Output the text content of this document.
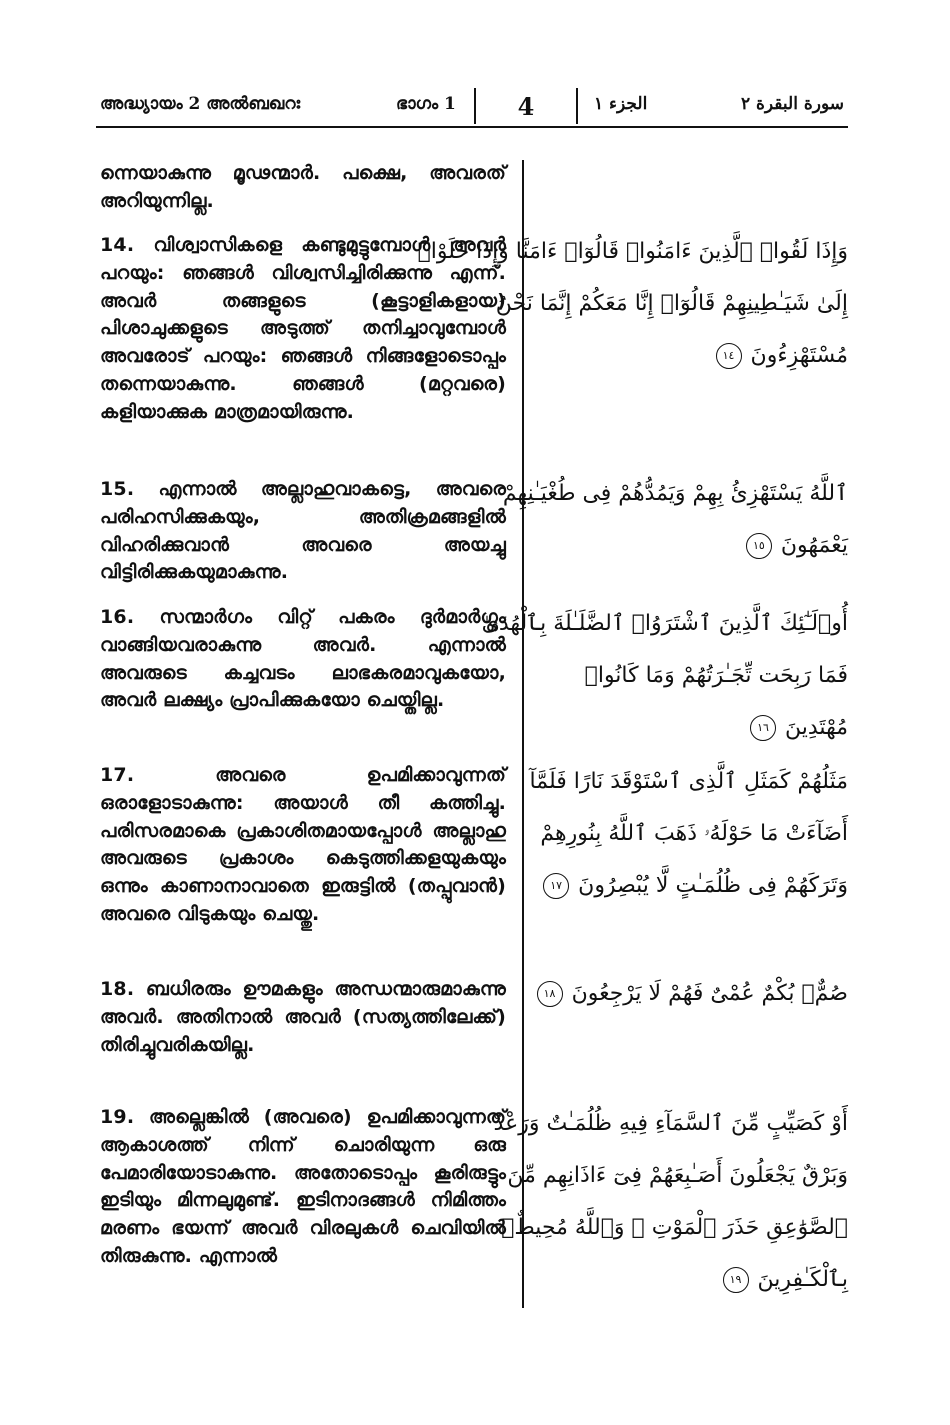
അദ്ധ്യായം 2 അൽബഖറഃ	ഭാഗം 1	4	الجزء ١	سورة البقرة ٢

ന്നെയാകുന്നു മൂഢന്മാർ. പക്ഷെ, അവരത് അറിയുന്നില്ല.

14. വിശ്വാസികളെ കണ്ടുമുട്ടുമ്പോൾ അവർ പറയും: ഞങ്ങൾ വിശ്വസിച്ചിരിക്കുന്നു എന്ന്. അവർ തങ്ങളുടെ (കൂട്ടാളികളായ) പിശാചുക്കളുടെ അടുത്ത് തനിച്ചാവുമ്പോൾ അവരോട് പറയും: ഞങ്ങൾ നിങ്ങളോടൊപ്പം തന്നെയാകുന്നു. ഞങ്ങൾ (മറ്റവരെ) കളിയാക്കുക മാത്രമായിരുന്നു.

15. എന്നാൽ അല്ലാഹുവാകട്ടെ, അവരെ പരിഹസിക്കുകയും, അതിക്രമങ്ങളിൽ വിഹരിക്കുവാൻ അവരെ അയച്ചു വിട്ടിരിക്കുകയുമാകുന്നു.

16. സന്മാർഗം വിറ്റ് പകരം ദുർമാർഗ്ഗം വാങ്ങിയവരാകുന്നു അവർ. എന്നാൽ അവരുടെ കച്ചവടം ലാഭകരമാവുകയോ, അവർ ലക്ഷ്യം പ്രാപിക്കുകയോ ചെയ്തില്ല.

17. അവരെ ഉപമിക്കാവുന്നത് ഒരാളോടാകുന്നു: അയാൾ തീ കത്തിച്ചു. പരിസരമാകെ പ്രകാശിതമായപ്പോൾ അല്ലാഹു അവരുടെ പ്രകാശം കെടുത്തിക്കളയുകയും ഒന്നും കാണാനാവാതെ ഇരുട്ടിൽ (തപ്പുവാൻ) അവരെ വിടുകയും ചെയ്തു.

18. ബധിരരും ഊമകളും അന്ധന്മാരുമാകുന്നു അവർ. അതിനാൽ അവർ (സത്യത്തിലേക്ക്) തിരിച്ചുവരികയില്ല.

19. അല്ലെങ്കിൽ (അവരെ) ഉപമിക്കാവുന്നത് ആകാശത്ത് നിന്ന് ചൊരിയുന്ന ഒരു പേമാരിയോടാകുന്നു. അതോടൊപ്പം കൂരിരുട്ടും ഇടിയും മിന്നലുമുണ്ട്. ഇടിനാദങ്ങൾ നിമിത്തം മരണം ഭയന്ന് അവർ വിരലുകൾ ചെവിയിൽ തിരുകുന്നു. എന്നാൽ

وَإِذَا لَقُوا۟ ٱلَّذِينَ ءَامَنُوا۟ قَالُوٓا۟ ءَامَنَّا وَإِذَا خَلَوْا۟
إِلَىٰ شَيَـٰطِينِهِمْ قَالُوٓا۟ إِنَّا مَعَكُمْ إِنَّمَا نَحْنُ
مُسْتَهْزِءُونَ ١٤
ٱللَّهُ يَسْتَهْزِئُ بِهِمْ وَيَمُدُّهُمْ فِى طُغْيَـٰنِهِمْ
يَعْمَهُونَ ١٥
أُو۟لَـٰٓئِكَ ٱلَّذِينَ ٱشْتَرَوُا۟ ٱلضَّلَـٰلَةَ بِٱلْهُدَىٰ
فَمَا رَبِحَت تِّجَـٰرَتُهُمْ وَمَا كَانُوا۟
مُهْتَدِينَ ١٦
مَثَلُهُمْ كَمَثَلِ ٱلَّذِى ٱسْتَوْقَدَ نَارًا فَلَمَّآ
أَضَآءَتْ مَا حَوْلَهُۥ ذَهَبَ ٱللَّهُ بِنُورِهِمْ
وَتَرَكَهُمْ فِى ظُلُمَـٰتٍ لَّا يُبْصِرُونَ ١٧
صُمٌّۢ بُكْمٌ عُمْىٌ فَهُمْ لَا يَرْجِعُونَ ١٨
أَوْ كَصَيِّبٍ مِّنَ ٱلسَّمَآءِ فِيهِ ظُلُمَـٰتٌ وَرَعْدٌ
وَبَرْقٌ يَجْعَلُونَ أَصَـٰبِعَهُمْ فِىٓ ءَاذَانِهِم مِّنَ
ٱلصَّوَٰعِقِ حَذَرَ ٱلْمَوْتِ ۚ وَٱللَّهُ مُحِيطٌۢ
بِٱلْكَـٰفِرِينَ ١٩
